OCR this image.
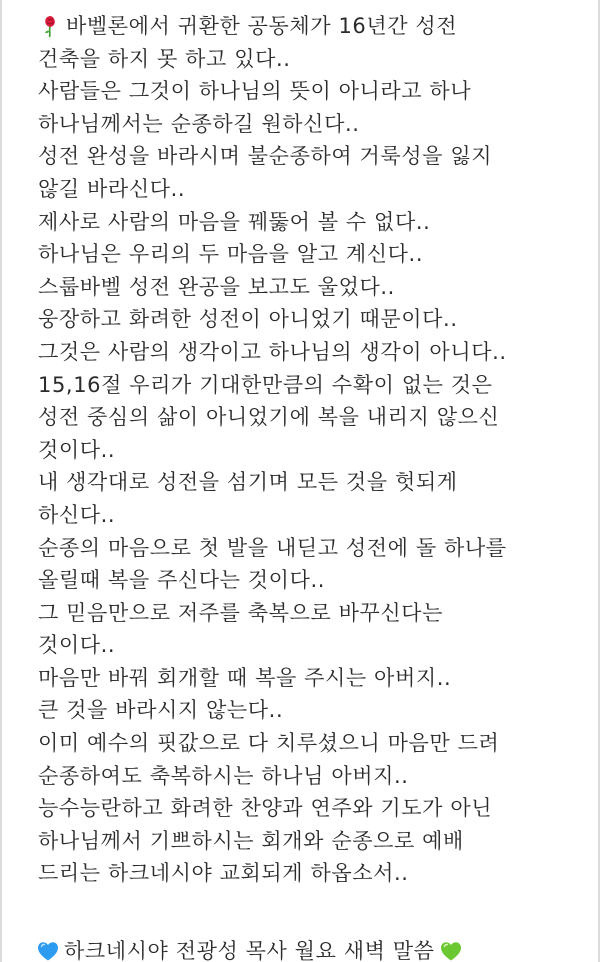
바벨론에서 귀환한 공동체가 16년간 성전
건축을 하지 못 하고 있다..
사람들은 그것이 하나님의 뜻이 아니라고 하나
하나님께서는 순종하길 원하신다..
성전 완성을 바라시며 불순종하여 거룩성을 잃지
않길 바라신다..
제사로 사람의 마음을 꿰뚫어 볼 수 없다..
하나님은 우리의 두 마음을 알고 계신다..
스룹바벨 성전 완공을 보고도 울었다..
웅장하고 화려한 성전이 아니었기 때문이다..
그것은 사람의 생각이고 하나님의 생각이 아니다..
15,16절 우리가 기대한만큼의 수확이 없는 것은
성전 중심의 삶이 아니었기에 복을 내리지 않으신
것이다..
내 생각대로 성전을 섬기며 모든 것을 헛되게
하신다..
순종의 마음으로 첫 발을 내딛고 성전에 돌 하나를
올릴때 복을 주신다는 것이다..
그 믿음만으로 저주를 축복으로 바꾸신다는
것이다..
마음만 바꿔 회개할 때 복을 주시는 아버지..
큰 것을 바라시지 않는다..
이미 예수의 핏값으로 다 치루셨으니 마음만 드려
순종하여도 축복하시는 하나님 아버지..
능수능란하고 화려한 찬양과 연주와 기도가 아닌
하나님께서 기쁘하시는 회개와 순종으로 예배
드리는 하크네시야 교회되게 하옵소서..
하크네시야 전광성 목사 월요 새벽 말씀
